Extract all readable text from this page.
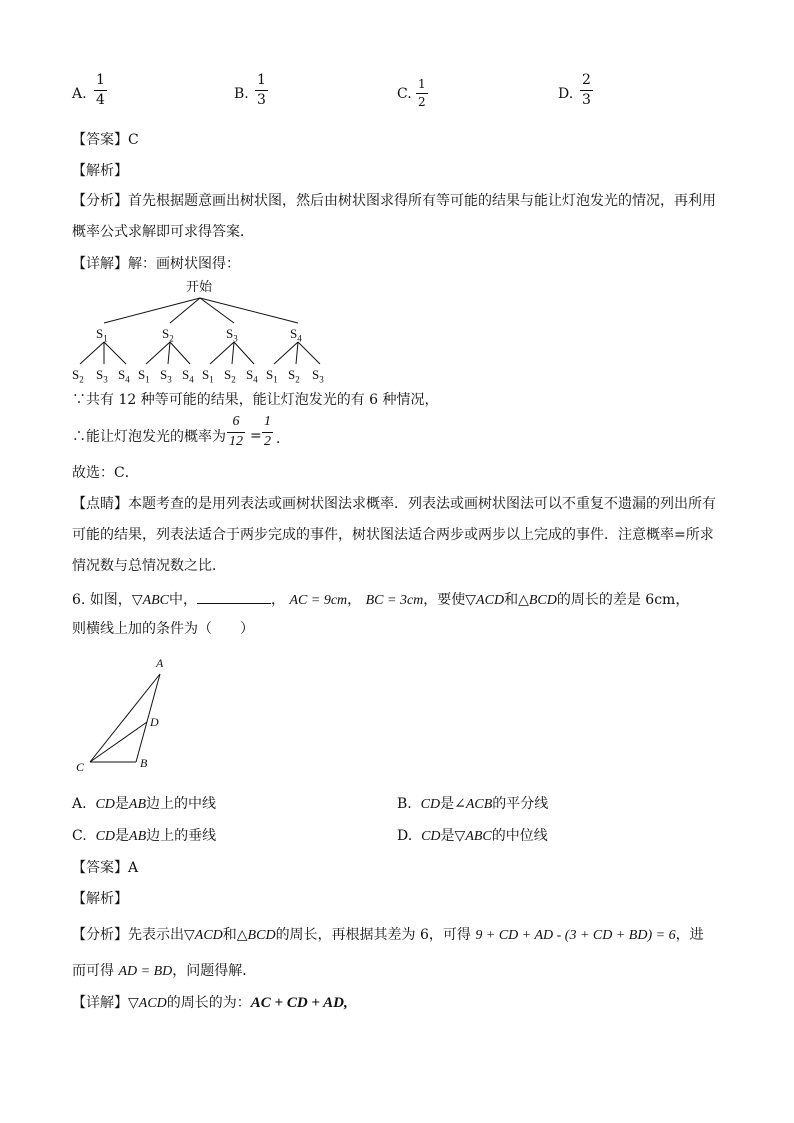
A.
1
4	B.
1
3	C.
1
2	D.
2
3
【答案】C
【解析】
【分析】首先根据题意画出树状图，然后由树状图求得所有等可能的结果与能让灯泡发光的情况，再利用
概率公式求解即可求得答案．
【详解】解：画树状图得：
开始
∵共有 12 种等可能的结果，能让灯泡发光的有 6 种情况，
∴能让灯泡发光的概率为
6
12 =
1
2 ．
故选：C．
【点睛】本题考查的是用列表法或画树状图法求概率．列表法或画树状图法可以不重复不遗漏的列出所有
可能的结果，列表法适合于两步完成的事件，树状图法适合两步或两步以上完成的事件．注意概率=所求
情况数与总情况数之比．
6. 如图，▽ABC中，	， AC = 9cm， BC = 3cm，要使▽ACD和△BCD的周长的差是 6cm，
则横线上加的条件为（　　）
A
D
C	B
A. CD是AB边上的中线	B. CD是∠ACB的平分线
C. CD是AB边上的垂线	D. CD是▽ABC的中位线
【答案】A
【解析】
【分析】先表示出▽ACD和△BCD的周长，再根据其差为 6，可得 9 + CD + AD - (3 + CD + BD) = 6，进
而可得 AD = BD，问题得解．
【详解】▽ACD的周长的为：AC + CD + AD,
$S_1$	$S_2$	$S_3$	$S_4$
$S_2$ $S_3$ $S_4$ $S_1$ $S_3$ $S_4$ $S_1$ $S_2$ $S_4$ $S_1$ $S_2$ $S_3$
